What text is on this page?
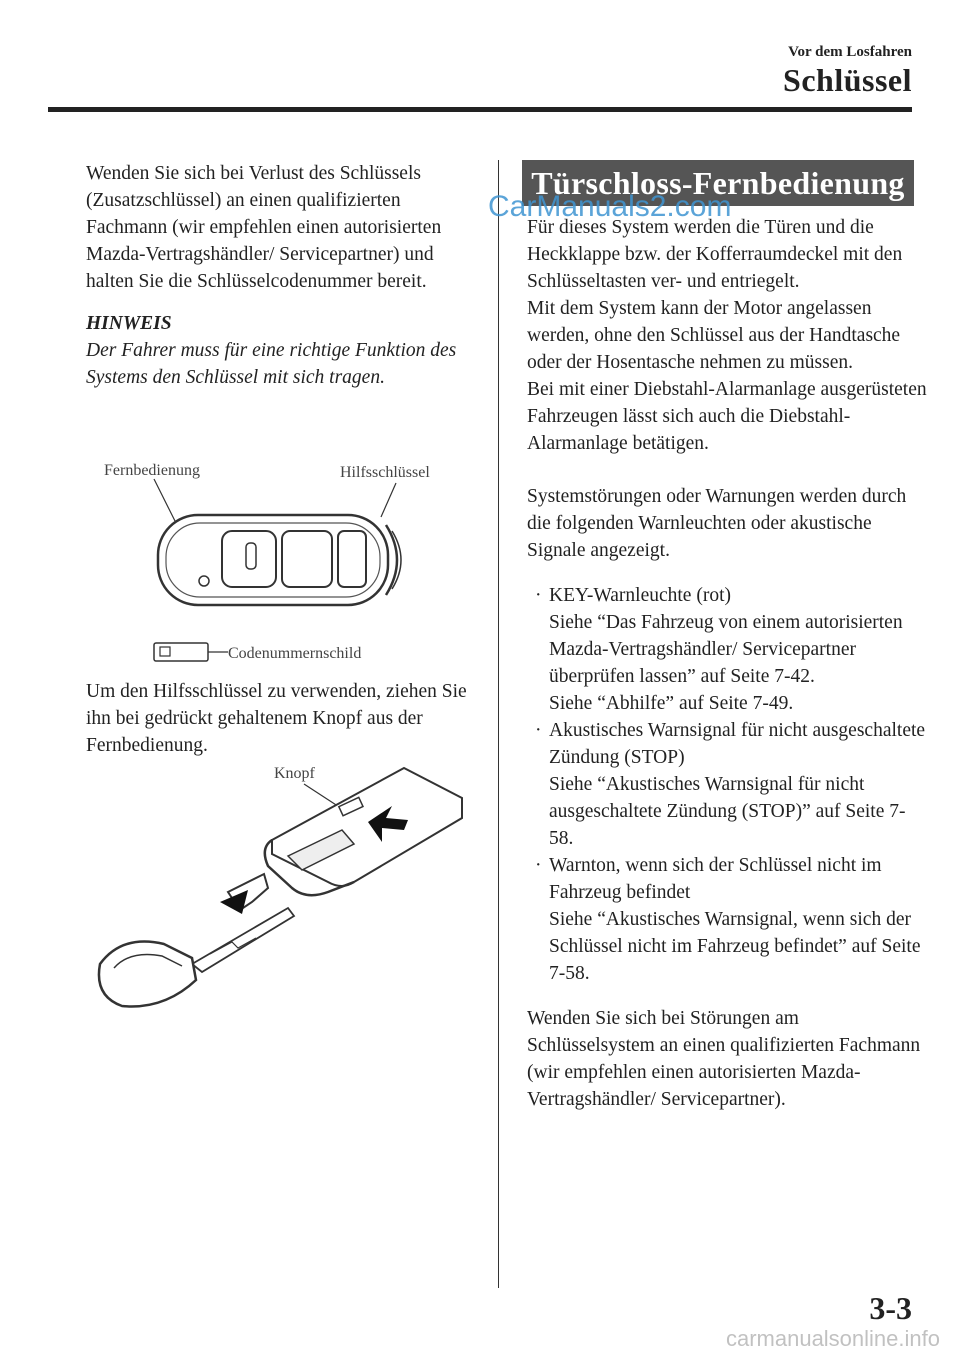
Vor dem Losfahren
Schlüssel

Wenden Sie sich bei Verlust des Schlüssels (Zusatzschlüssel) an einen qualifizierten Fachmann (wir empfehlen einen autorisierten Mazda-Vertragshändler/ Servicepartner) und halten Sie die Schlüsselcodenummer bereit.

HINWEIS

Der Fahrer muss für eine richtige Funktion des Systems den Schlüssel mit sich tragen.

Fernbedienung	Hilfsschlüssel
Codenummernschild

Um den Hilfsschlüssel zu verwenden, ziehen Sie ihn bei gedrückt gehaltenem Knopf aus der Fernbedienung.

Knopf
Türschloss-Fernbedienung
CarManuals2.com

Für dieses System werden die Türen und die Heckklappe bzw. der Kofferraumdeckel mit den Schlüsseltasten ver- und entriegelt.

Mit dem System kann der Motor angelassen werden, ohne den Schlüssel aus der Handtasche oder der Hosentasche nehmen zu müssen.

Bei mit einer Diebstahl-Alarmanlage ausgerüsteten Fahrzeugen lässt sich auch die Diebstahl-Alarmanlage betätigen.

Systemstörungen oder Warnungen werden durch die folgenden Warnleuchten oder akustische Signale angezeigt.

· KEY-Warnleuchte (rot)
Siehe “Das Fahrzeug von einem autorisierten Mazda-Vertragshändler/ Servicepartner überprüfen lassen” auf Seite 7-42.
Siehe “Abhilfe” auf Seite 7-49.
· Akustisches Warnsignal für nicht ausgeschaltete Zündung (STOP)
Siehe “Akustisches Warnsignal für nicht ausgeschaltete Zündung (STOP)” auf Seite 7-58.
· Warnton, wenn sich der Schlüssel nicht im Fahrzeug befindet
Siehe “Akustisches Warnsignal, wenn sich der Schlüssel nicht im Fahrzeug befindet” auf Seite 7-58.

Wenden Sie sich bei Störungen am Schlüsselsystem an einen qualifizierten Fachmann (wir empfehlen einen autorisierten Mazda-Vertragshändler/ Servicepartner).

3-3
carmanualsonline.info
